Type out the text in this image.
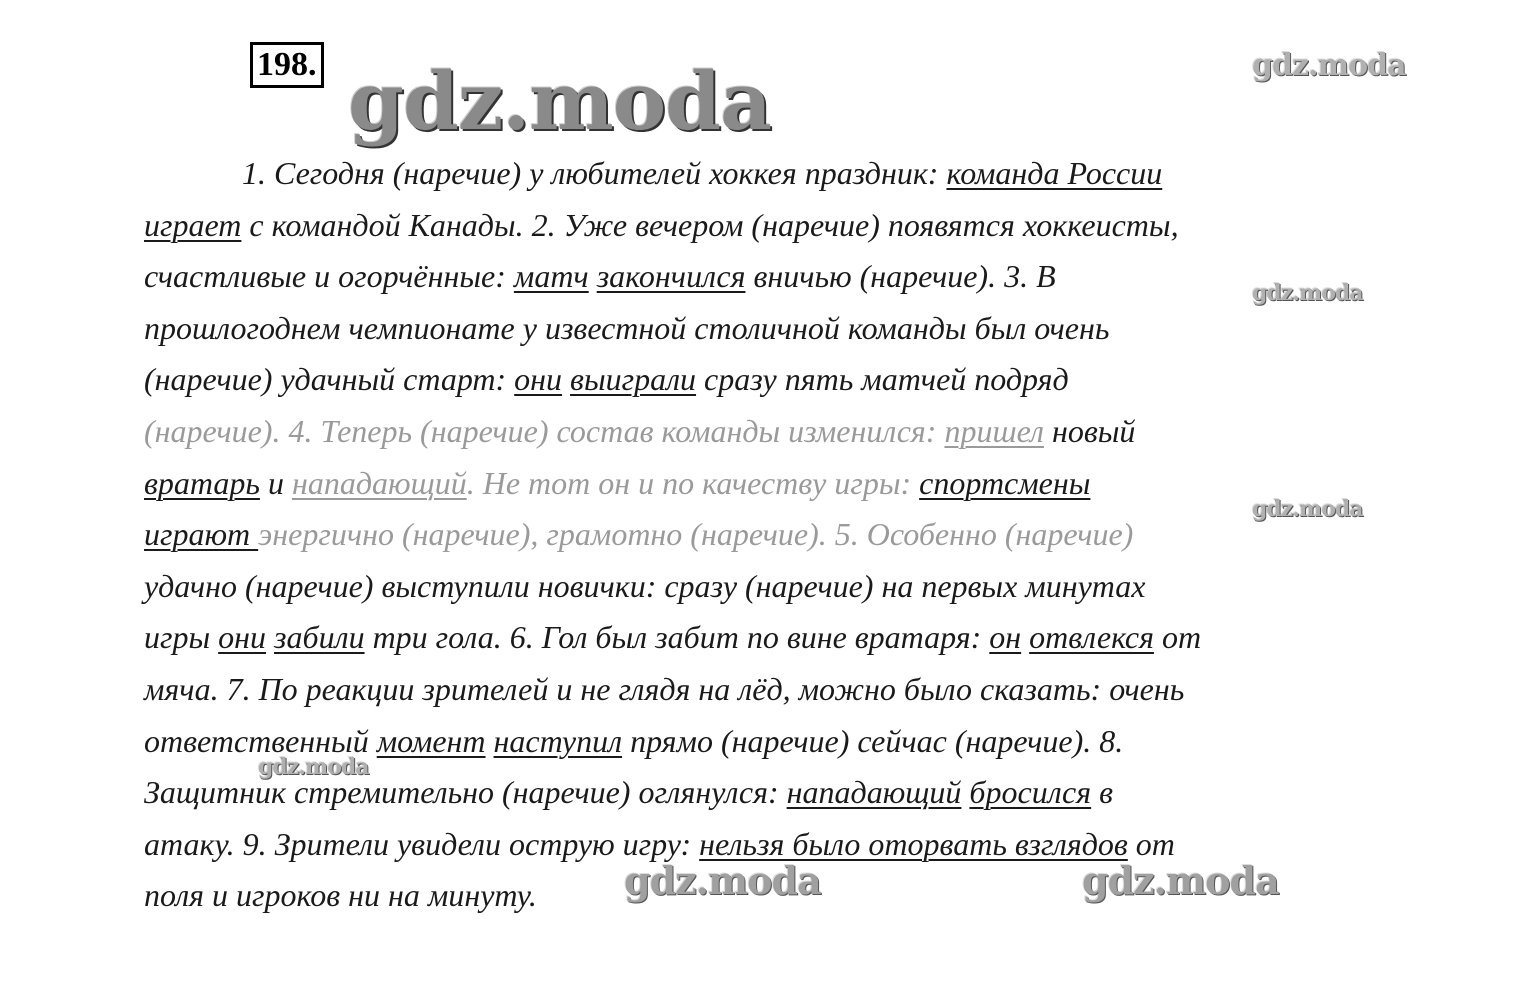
198. gdz.moda	gdz.moda
gdz.moda
gdz.moda
gdz.moda
1. Сегодня (наречие) у любителей хоккея праздник: команда России
играет с командой Канады. 2. Уже вечером (наречие) появятся хоккеисты,
счастливые и огорчённые: матч закончился вничью (наречие). 3. В
прошлогоднем чемпионате у известной столичной команды был очень
(наречие) удачный старт: они выиграли сразу пять матчей подряд
(наречие). 4. Теперь (наречие) состав команды изменился: пришел новый
вратарь и нападающий. Не тот он и по качеству игры: спортсмены
играют энергично (наречие), грамотно (наречие). 5. Особенно (наречие)
удачно (наречие) выступили новички: сразу (наречие) на первых минутах
игры они забили три гола. 6. Гол был забит по вине вратаря: он отвлекся от
мяча. 7. По реакции зрителей и не глядя на лёд, можно было сказать: очень
ответственный момент наступил прямо (наречие) сейчас (наречие). 8.
Защитник стремительно (наречие) оглянулся: нападающий бросился в
атаку. 9. Зрители увидели острую игру: нельзя было оторвать взглядов от
поля и игроков ни на минуту.	gdz.moda	gdz.moda
